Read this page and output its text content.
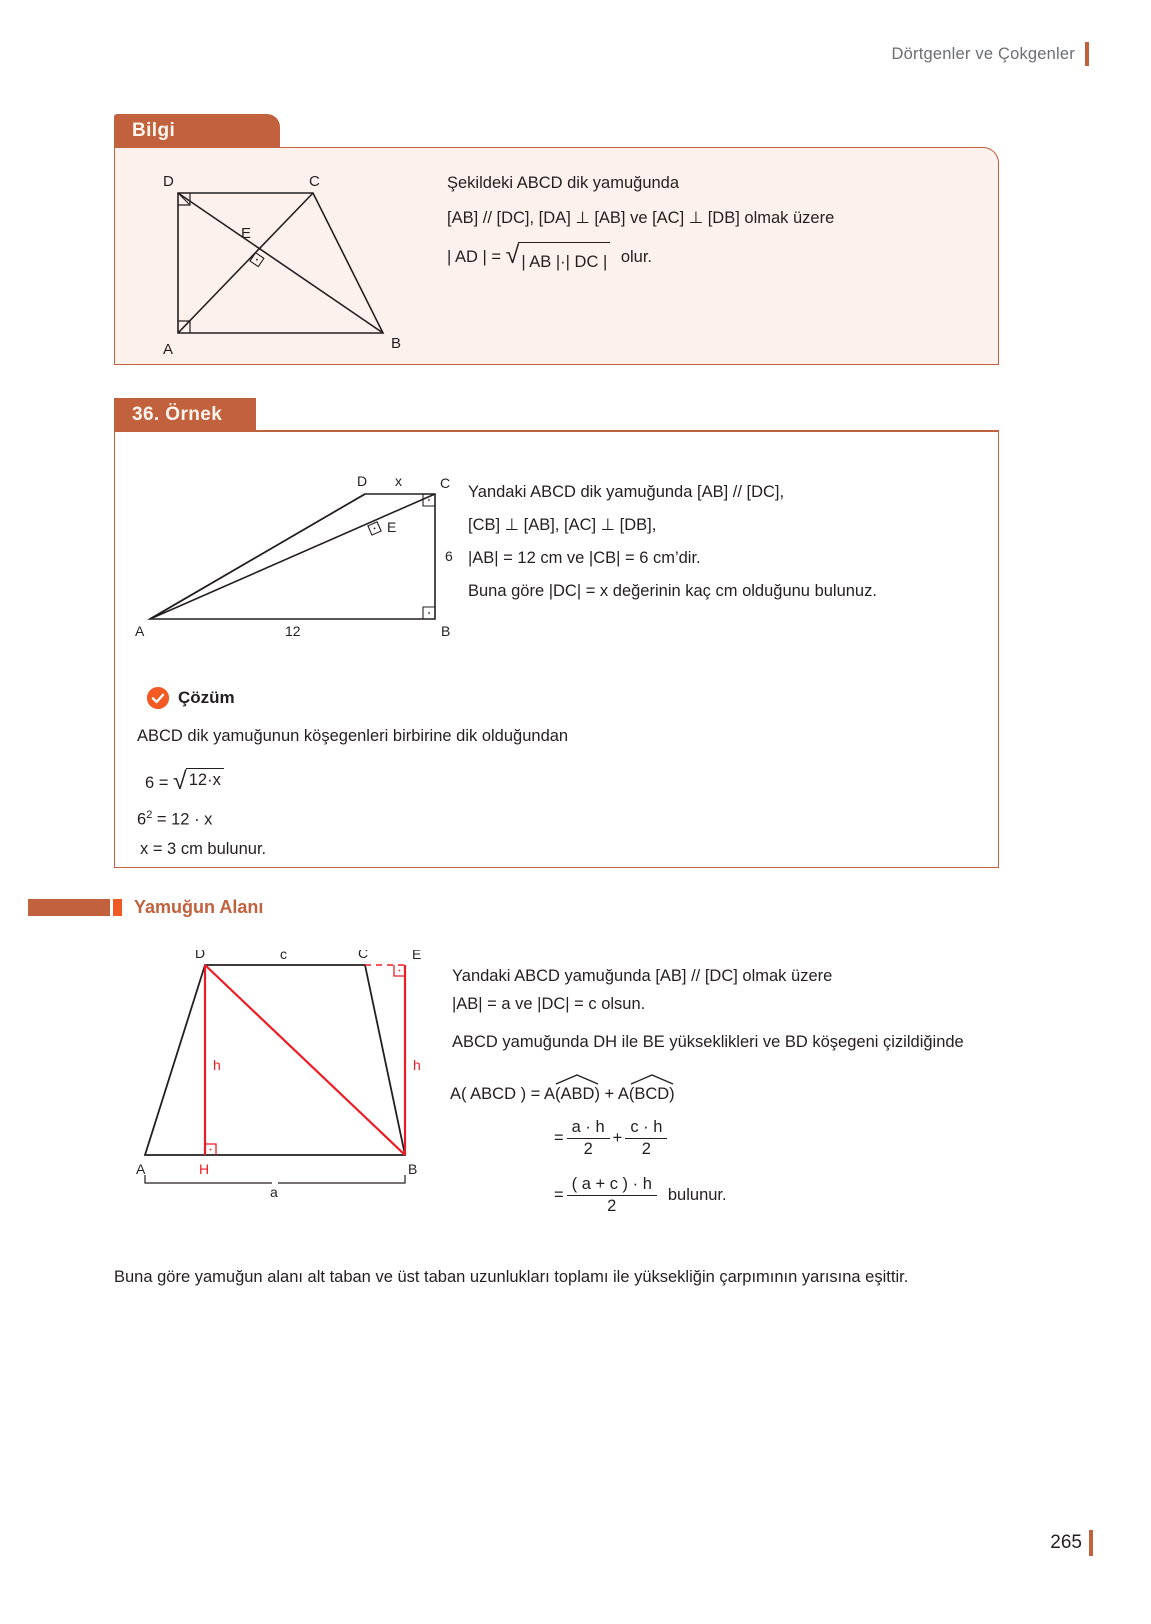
Dörtgenler ve Çokgenler
Bilgi
D	C
E
A	B
Şekildeki ABCD dik yamuğunda
[AB] // [DC], [DA] ⊥ [AB] ve [AC] ⊥ [DB] olmak üzere
| AD | = √ | AB |·| DC | olur.
36. Örnek
D x	C
E
6
A	12	B
Yandaki ABCD dik yamuğunda [AB] // [DC],
[CB] ⊥ [AB], [AC] ⊥ [DB],
|AB| = 12 cm ve |CB| = 6 cm’dir.
Buna göre |DC| = x değerinin kaç cm olduğunu bulunuz.
Çözüm
ABCD dik yamuğunun köşegenleri birbirine dik olduğundan
6 = √ 12·x
$6^2 = 12 \cdot x$
x = 3 cm bulunur.
Yamuğun Alanı
D	c	C	E
h	h
A	H	B
a

Yandaki ABCD yamuğunda [AB] // [DC] olmak üzere

|AB| = a ve |DC| = c olsun.

ABCD yamuğunda DH ile BE yükseklikleri ve BD köşegeni çizildiğinde

A( ABCD ) = A(
ABD) + A(
BCD)
= $\frac{a \cdot h}{2} + \frac{c \cdot h}{2}$
= $\frac{( a + c ) \cdot h}{2}$ bulunur.
Buna göre yamuğun alanı alt taban ve üst taban uzunlukları toplamı ile yüksekliğin çarpımının yarısına eşittir.
265
